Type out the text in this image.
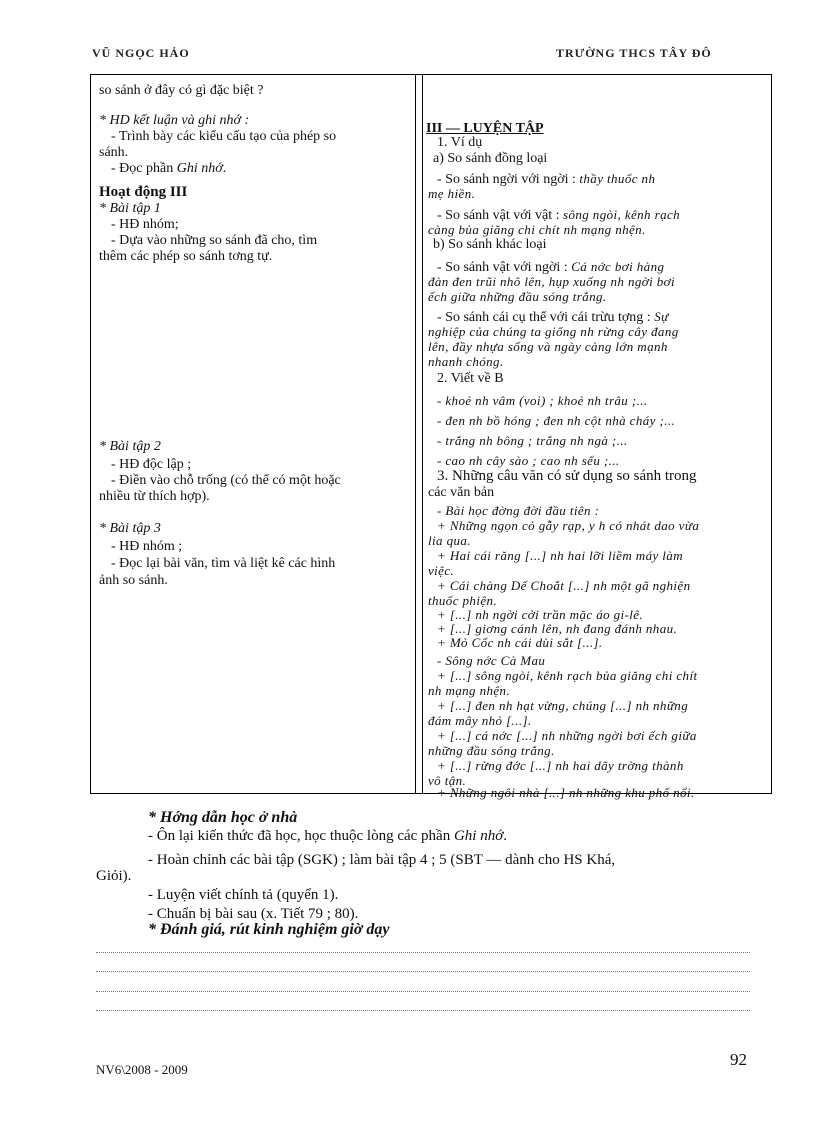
VŨ NGỌC HẢO	TRƯỜNG THCS TÂY ĐÔ
so sánh ở đây có gì đặc biệt ?
* HD kết luận và ghi nhớ :
- Trình bày các kiểu cấu tạo của phép so
sánh.
- Đọc phần Ghi nhớ.
Hoạt động III
* Bài tập 1
- HĐ nhóm;
- Dựa vào những so sánh đã cho, tìm
thêm các phép so sánh tơng tự.
* Bài tập 2
- HĐ độc lập ;
- Điền vào chỗ trống (có thể có một hoặc
nhiều từ thích hợp).
* Bài tập 3
- HĐ nhóm ;
- Đọc lại bài văn, tìm và liệt kê các hình
ảnh so sánh.
III — LUYỆN TẬP
1. Ví dụ
a) So sánh đồng loại
- So sánh ngời với ngời : thầy thuốc nh
mẹ hiền.
- So sánh vật với vật : sông ngòi, kênh rạch
càng bủa giăng chi chít nh mạng nhện.
b) So sánh khác loại
- So sánh vật với ngời : Cá nớc bơi hàng
đàn đen trũi nhô lên, hụp xuống nh ngời bơi
ếch giữa những đầu sóng trắng.
- So sánh cái cụ thể với cái trừu tợng : Sự
nghiệp của chúng ta giống nh rừng cây đang
lên, đầy nhựa sống và ngày càng lớn mạnh
nhanh chóng.
2. Viết về B
- khoẻ nh vâm (voi) ; khoẻ nh trâu ;...
- đen nh bồ hóng ; đen nh cột nhà cháy ;...
- trắng nh bông ; trắng nh ngà ;...
- cao nh cây sào ; cao nh sếu ;...
3. Những câu văn có sử dụng so sánh trong
các văn bản
- Bài học đờng đời đầu tiên :
+ Những ngọn cỏ gẫy rạp, y h có nhát dao vừa
lia qua.
+ Hai cái răng [...] nh hai lỡi liềm máy làm
việc.
+ Cái chàng Dế Choắt [...] nh một gã nghiện
thuốc phiện.
+ [...] nh ngời cởi trần mặc áo gi-lê.
+ [...] giơng cánh lên, nh đang đánh nhau.
+ Mỏ Cốc nh cái dùi sắt [...].
- Sông nớc Cà Mau
+ [...] sông ngòi, kênh rạch bủa giăng chi chít
nh mạng nhện.
+ [...] đen nh hạt vừng, chúng [...] nh những
đám mây nhỏ [...].
+ [...] cá nớc [...] nh những ngời bơi ếch giữa
những đầu sóng trắng.
+ [...] rừng đớc [...] nh hai dãy trờng thành
vô tận.
+ Những ngôi nhà [...] nh những khu phố nổi.
* Hớng dẫn học ở nhà
- Ôn lại kiến thức đã học, học thuộc lòng các phần Ghi nhớ.
- Hoàn chỉnh các bài tập (SGK) ; làm bài tập 4 ; 5 (SBT — dành cho HS Khá,
Giỏi).
- Luyện viết chính tả (quyển 1).
- Chuẩn bị bài sau (x. Tiết 79 ; 80).
* Đánh giá, rút kinh nghiệm giờ dạy
92
NV6\2008 - 2009
